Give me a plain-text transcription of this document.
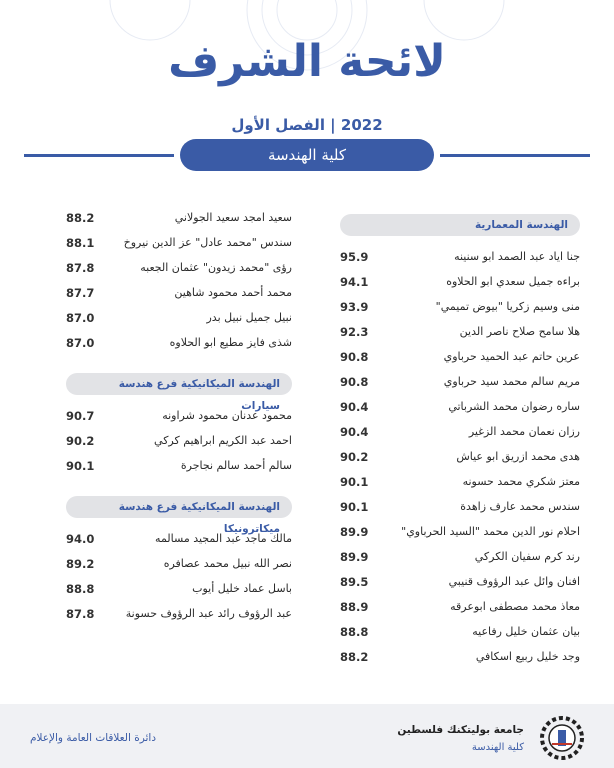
لائحة الشرف
2022 | الفصل الأول
كلية الهندسة
الهندسة المعمارية
جنا اياد عبد الصمد ابو سنينه
95.9
براءه جميل سعدي ابو الحلاوه
94.1
منى وسيم زكريا "بيوض تميمي"
93.9
هلا سامح صلاح ناصر الدين
92.3
عرين حاتم عبد الحميد حرباوي
90.8
مريم سالم محمد سيد حرباوي
90.8
ساره رضوان محمد الشرباتي
90.4
رزان نعمان محمد الزغير
90.4
هدى محمد ازريق ابو عياش
90.2
معتز شكري محمد حسونه
90.1
سندس محمد عارف زاهدة
90.1
احلام نور الدين محمد "السيد الحرباوي"
89.9
رند كرم سفيان الكركي
89.9
افنان وائل عبد الرؤوف قنيبي
89.5
معاذ محمد مصطفى ابوعرقه
88.9
بيان عثمان خليل رفاعيه
88.8
وجد خليل ربيع اسكافي
88.2
سعيد امجد سعيد الجولاني
88.2
سندس "محمد عادل" عز الدين نيروخ
88.1
رؤى "محمد زيدون" عثمان الجعبه
87.8
محمد أحمد محمود شاهين
87.7
نبيل جميل نبيل بدر
87.0
شذى فايز مطيع ابو الحلاوه
87.0
الهندسة الميكانيكية فرع هندسة سيارات
محمود عدنان محمود شراونه
90.7
احمد عبد الكريم ابراهيم كركي
90.2
سالم أحمد سالم نجاجرة
90.1
الهندسة الميكانيكية فرع هندسة ميكاترونيكا
مالك ماجد عبد المجيد مسالمه
94.0
نصر الله نبيل محمد عصافره
89.2
باسل عماد خليل أيوب
88.8
عبد الرؤوف رائد عبد الرؤوف حسونة
87.8
دائرة العلاقات العامة والإعلام
جامعة بوليتكنك فلسطين
كلية الهندسة
